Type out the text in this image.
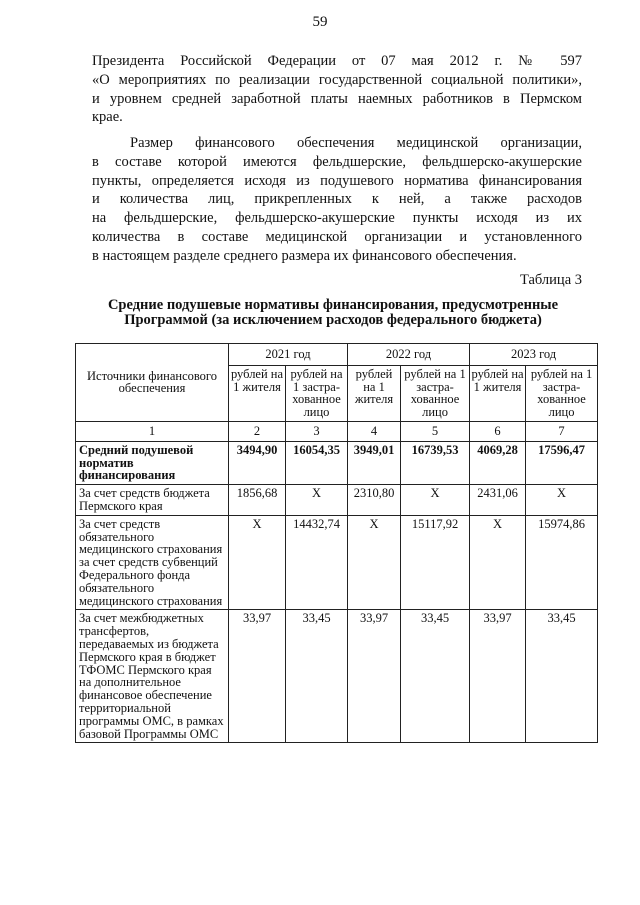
59

Президента Российской Федерации от 07 мая 2012 г. № 597
«О мероприятиях по реализации государственной социальной политики»,
и уровнем средней заработной платы наемных работников в Пермском
крае.

Размер финансового обеспечения медицинской организации,
в составе которой имеются фельдшерские, фельдшерско-акушерские
пункты, определяется исходя из подушевого норматива финансирования
и количества лиц, прикрепленных к ней, а также расходов
на фельдшерские, фельдшерско-акушерские пункты исходя из их
количества в составе медицинской организации и установленного
в настоящем разделе среднего размера их финансового обеспечения.

Таблица 3
Средние подушевые нормативы финансирования, предусмотренные
Программой (за исключением расходов федерального бюджета)
Источники финансового обеспечения	2021 год		2022 год		2023 год	
	рублей на 1 жителя	рублей на 1 застра-хованное лицо	рублей на 1 жителя	рублей на 1 застра-хованное лицо	рублей на 1 жителя	рублей на 1 застра-хованное лицо
1	2	3	4	5	6	7
Средний подушевой норматив финансирования	3494,90	16054,35	3949,01	16739,53	4069,28	17596,47
За счет средств бюджета Пермского края	1856,68	Х	2310,80	Х	2431,06	Х
За счет средств обязательного медицинского страхования за счет средств субвенций Федерального фонда обязательного медицинского страхования	Х	14432,74	Х	15117,92	Х	15974,86
За счет межбюджетных трансфертов, передаваемых из бюджета Пермского края в бюджет ТФОМС Пермского края на дополнительное финансовое обеспечение территориальной программы ОМС, в рамках базовой Программы ОМС	33,97	33,45	33,97	33,45	33,97	33,45
